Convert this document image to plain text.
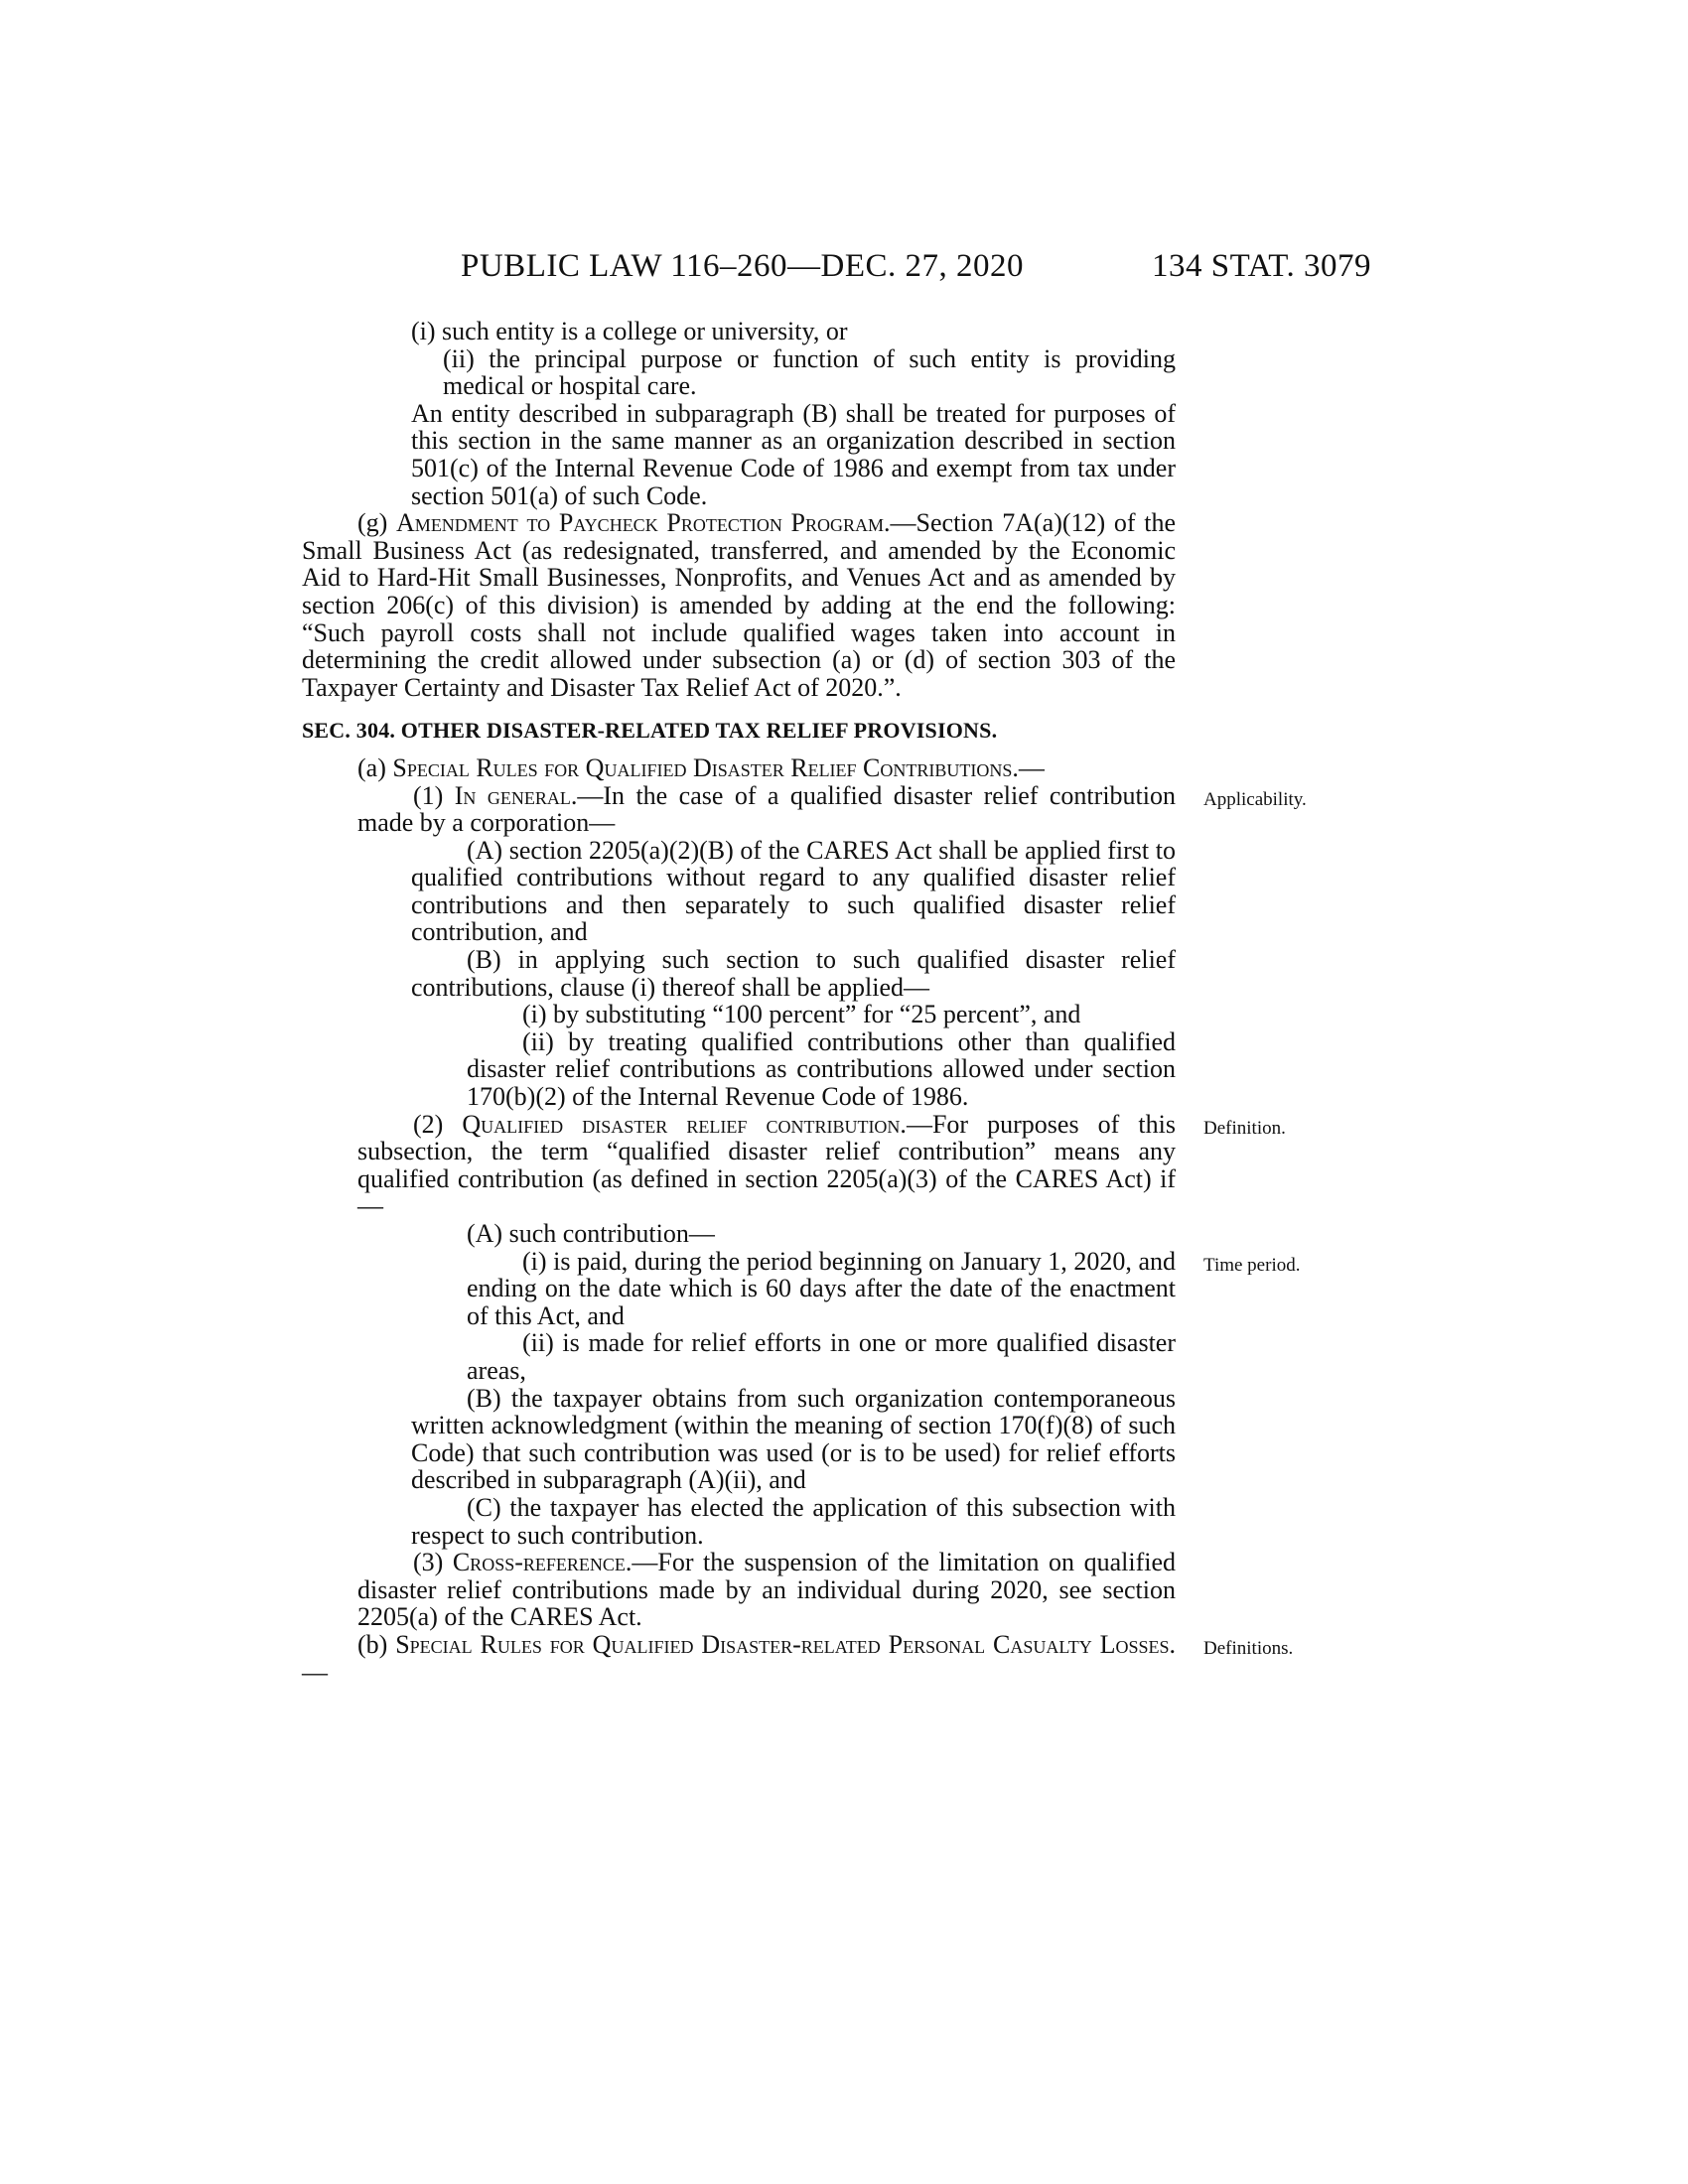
PUBLIC LAW 116–260—DEC. 27, 2020	134 STAT. 3079

(i) such entity is a college or university, or

(ii) the principal purpose or function of such entity is providing medical or hospital care.

An entity described in subparagraph (B) shall be treated for purposes of this section in the same manner as an organization described in section 501(c) of the Internal Revenue Code of 1986 and exempt from tax under section 501(a) of such Code.

(g) Amendment to Paycheck Protection Program.—Section 7A(a)(12) of the Small Business Act (as redesignated, transferred, and amended by the Economic Aid to Hard-Hit Small Businesses, Nonprofits, and Venues Act and as amended by section 206(c) of this division) is amended by adding at the end the following: “Such payroll costs shall not include qualified wages taken into account in determining the credit allowed under subsection (a) or (d) of section 303 of the Taxpayer Certainty and Disaster Tax Relief Act of 2020.”.

SEC. 304. OTHER DISASTER-RELATED TAX RELIEF PROVISIONS.

(a) Special Rules for Qualified Disaster Relief Contributions.—

(1) In general.—In the case of a qualified disaster relief contribution made by a corporation—

Applicability.

(A) section 2205(a)(2)(B) of the CARES Act shall be applied first to qualified contributions without regard to any qualified disaster relief contributions and then separately to such qualified disaster relief contribution, and

(B) in applying such section to such qualified disaster relief contributions, clause (i) thereof shall be applied—

(i) by substituting “100 percent” for “25 percent”, and

(ii) by treating qualified contributions other than qualified disaster relief contributions as contributions allowed under section 170(b)(2) of the Internal Revenue Code of 1986.

(2) Qualified disaster relief contribution.—For purposes of this subsection, the term “qualified disaster relief contribution” means any qualified contribution (as defined in section 2205(a)(3) of the CARES Act) if—

Definition.

(A) such contribution—

(i) is paid, during the period beginning on January 1, 2020, and ending on the date which is 60 days after the date of the enactment of this Act, and

Time period.

(ii) is made for relief efforts in one or more qualified disaster areas,

(B) the taxpayer obtains from such organization contemporaneous written acknowledgment (within the meaning of section 170(f)(8) of such Code) that such contribution was used (or is to be used) for relief efforts described in subparagraph (A)(ii), and

(C) the taxpayer has elected the application of this subsection with respect to such contribution.

(3) Cross-reference.—For the suspension of the limitation on qualified disaster relief contributions made by an individual during 2020, see section 2205(a) of the CARES Act.

(b) Special Rules for Qualified Disaster-related Personal Casualty Losses.—

Definitions.
